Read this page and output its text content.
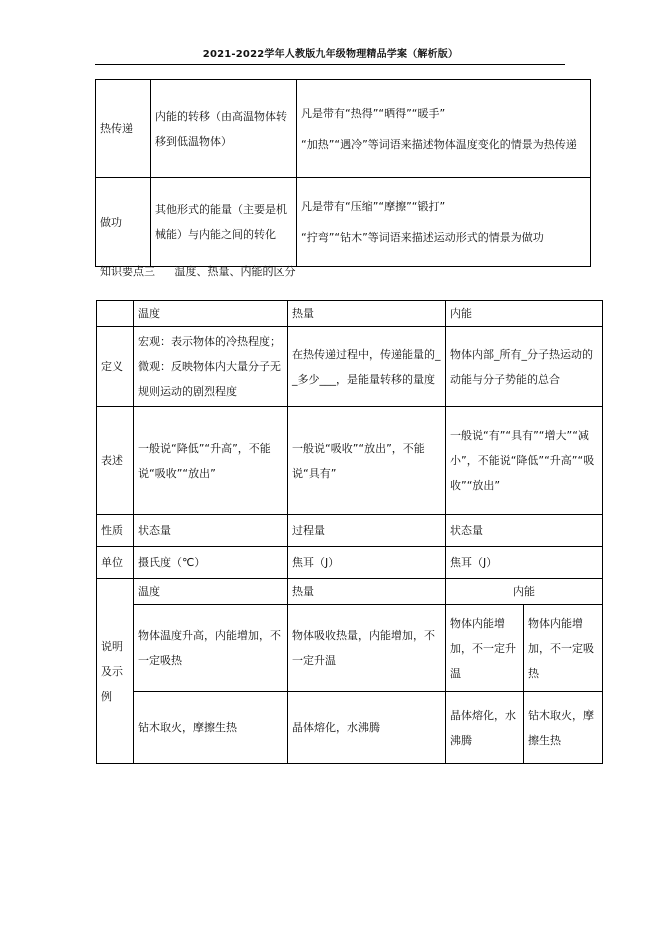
2021-2022学年人教版九年级物理精品学案（解析版）
热传递	内能的转移（由高温物体转移到低温物体）	凡是带有“热得”“晒得”“暖手”
“加热”“遇冷”等词语来描述物体温度变化的情景为热传递

做功	其他形式的能量（主要是机械能）与内能之间的转化	凡是带有“压缩”“摩擦”“锻打”
“拧弯”“钻木”等词语来描述运动形式的情景为做功
知识要点三 温度、热量、内能的区分
	温度	热量	内能	
定义	宏观：表示物体的冷热程度；微观：反映物体内大量分子无规则运动的剧烈程度	在热传递过程中，传递能量的__多少___，是能量转移的量度	物体内部_所有_分子热运动的动能与分子势能的总合	
表述	一般说“降低”“升高”，不能说“吸收”“放出”	一般说“吸收”“放出”，不能说“具有”	一般说“有”“具有”“增大”“减小”，不能说“降低”“升高”“吸收”“放出”	
性质	状态量	过程量	状态量	
单位	摄氏度（℃）	焦耳（J）	焦耳（J）	
说明及示例	温度	热量	内能	
	物体温度升高，内能增加，不一定吸热	物体吸收热量，内能增加，不一定升温	物体内能增加，不一定升温	物体内能增加，不一定吸热
	钻木取火，摩擦生热	晶体熔化，水沸腾	晶体熔化，水沸腾	钻木取火，摩擦生热
